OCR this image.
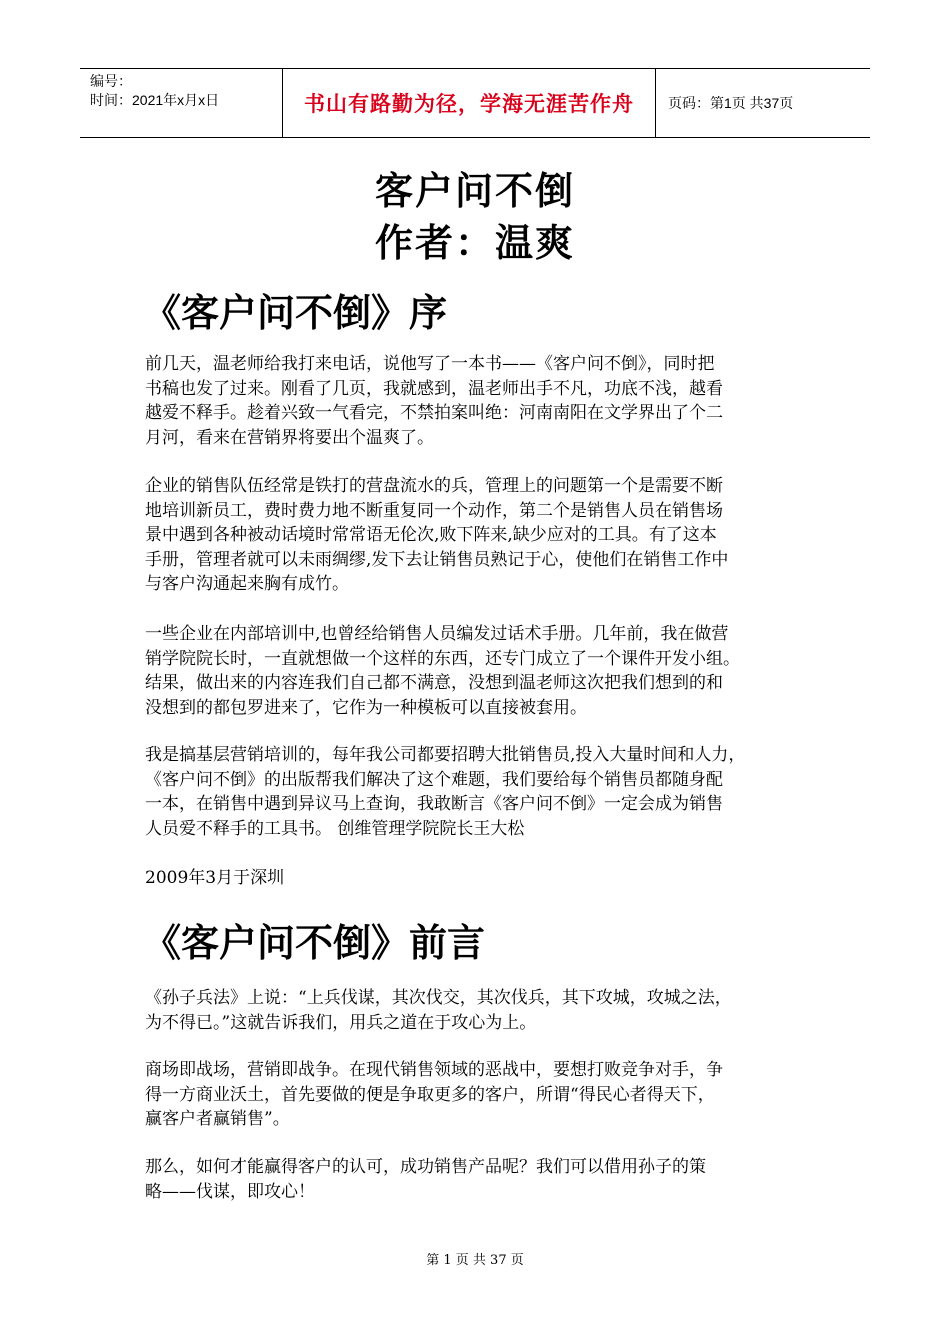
编号：
时间：2021年x月x日	书山有路勤为径，学海无涯苦作舟	页码：第1页 共37页
客户问不倒
作者：温爽
《客户问不倒》序
前几天，温老师给我打来电话，说他写了一本书——《客户问不倒》，同时把
书稿也发了过来。刚看了几页，我就感到，温老师出手不凡，功底不浅，越看
越爱不释手。趁着兴致一气看完，不禁拍案叫绝：河南南阳在文学界出了个二
月河，看来在营销界将要出个温爽了。
企业的销售队伍经常是铁打的营盘流水的兵，管理上的问题第一个是需要不断
地培训新员工，费时费力地不断重复同一个动作，第二个是销售人员在销售场
景中遇到各种被动话境时常常语无伦次,败下阵来,缺少应对的工具。有了这本
手册，管理者就可以未雨绸缪,发下去让销售员熟记于心，使他们在销售工作中
与客户沟通起来胸有成竹。
一些企业在内部培训中,也曾经给销售人员编发过话术手册。几年前，我在做营
销学院院长时，一直就想做一个这样的东西，还专门成立了一个课件开发小组。
结果，做出来的内容连我们自己都不满意，没想到温老师这次把我们想到的和
没想到的都包罗进来了，它作为一种模板可以直接被套用。
我是搞基层营销培训的，每年我公司都要招聘大批销售员,投入大量时间和人力，
《客户问不倒》的出版帮我们解决了这个难题，我们要给每个销售员都随身配
一本，在销售中遇到异议马上查询，我敢断言《客户问不倒》一定会成为销售
人员爱不释手的工具书。 创维管理学院院长王大松
2009年3月于深圳
《客户问不倒》前言
《孙子兵法》上说：“上兵伐谋，其次伐交，其次伐兵，其下攻城，攻城之法，
为不得已。”这就告诉我们，用兵之道在于攻心为上。
商场即战场，营销即战争。在现代销售领域的恶战中，要想打败竞争对手，争
得一方商业沃土，首先要做的便是争取更多的客户，所谓“得民心者得天下，
赢客户者赢销售”。
那么，如何才能赢得客户的认可，成功销售产品呢？我们可以借用孙子的策
略——伐谋，即攻心！
第 1 页 共 37 页
